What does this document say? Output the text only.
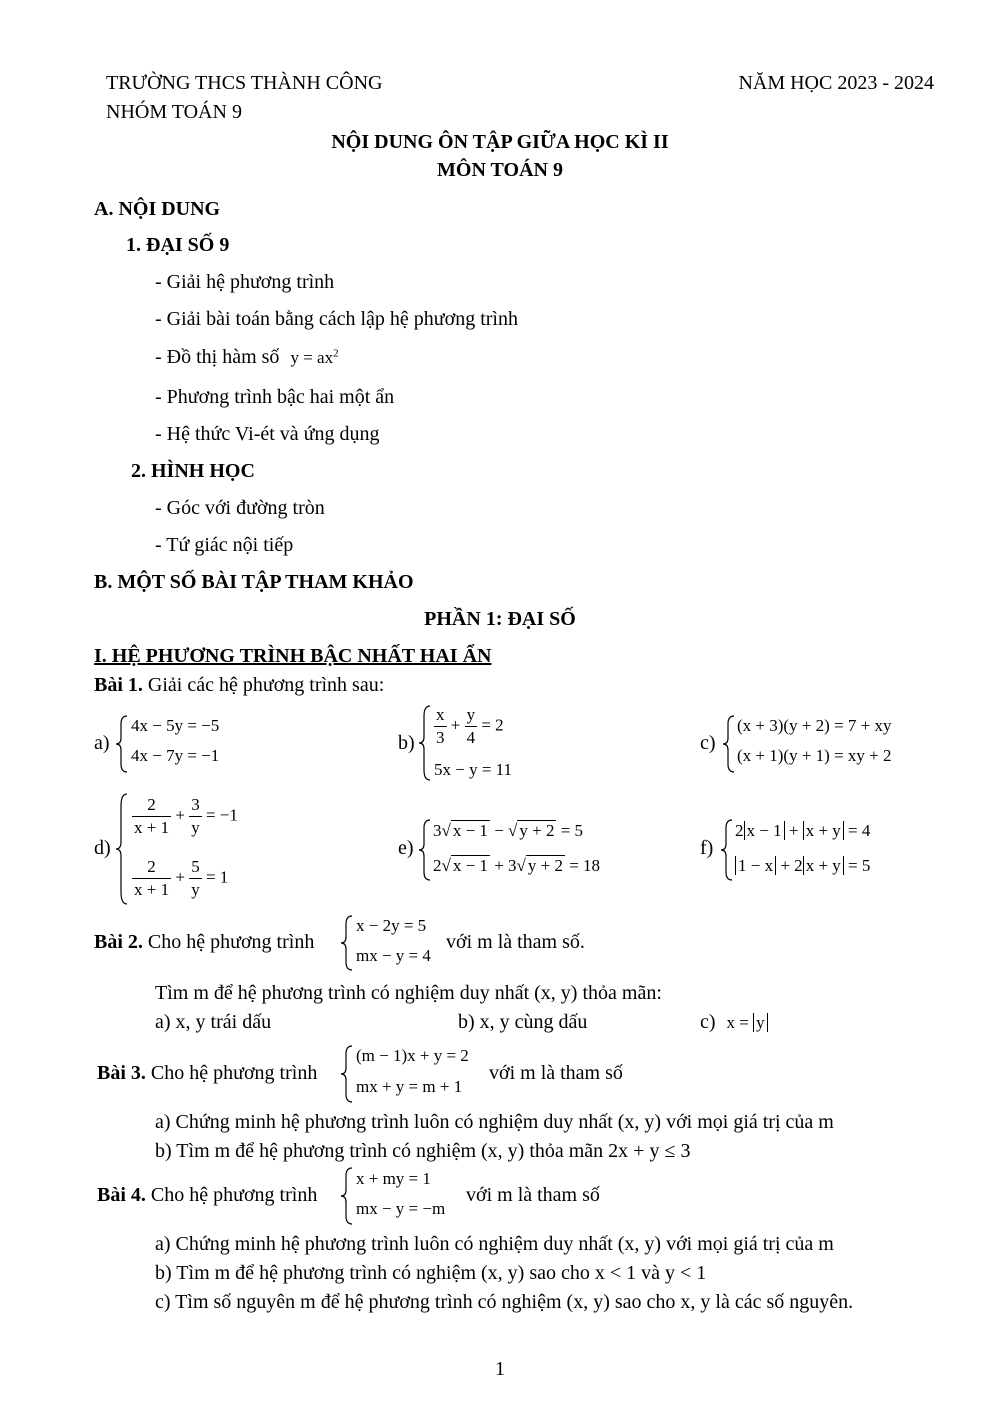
TRƯỜNG THCS THÀNH CÔNG
NHÓM TOÁN 9
NĂM HỌC 2023 - 2024
NỘI DUNG ÔN TẬP GIỮA HỌC KÌ II
MÔN TOÁN 9
A. NỘI DUNG
1. ĐẠI SỐ 9
- Giải hệ phương trình
- Giải bài toán bằng cách lập hệ phương trình
- Đồ thị hàm số $y = ax^2$
- Phương trình bậc hai một ẩn
- Hệ thức Vi-ét và ứng dụng
2. HÌNH HỌC
- Góc với đường tròn
- Tứ giác nội tiếp
B. MỘT SỐ BÀI TẬP THAM KHẢO
PHẦN 1: ĐẠI SỐ
I. HỆ PHƯƠNG TRÌNH BẬC NHẤT HAI ẨN
Bài 1. Giải các hệ phương trình sau:
a)
4x − 5y = −5
4x − 7y = −1
$b) \frac{x}{3} + \frac{y}{4} = 2$
5x − y = 11
c)
(x + 3)(y + 2) = 7 + xy
(x + 1)(y + 1) = xy + 2
d)
$\frac{2}{x + 1} + \frac{3}{y} = -1$
$\frac{2}{x + 1} + \frac{5}{y} = 1$
e)
3√ x − 1 − √ y + 2 = 5
2√ x − 1 + 3√ y + 2 = 18
f)
2 x − 1 + x + y = 4
1 − x + 2 x + y = 5
Bài 2. Cho hệ phương trình
x − 2y = 5
mx − y = 4
với m là tham số.
Tìm m để hệ phương trình có nghiệm duy nhất (x, y) thỏa mãn:
a) x, y trái dấu	b) x, y cùng dấu	c) x = y
Bài 3. Cho hệ phương trình
(m − 1)x + y = 2
mx + y = m + 1
với m là tham số
a) Chứng minh hệ phương trình luôn có nghiệm duy nhất (x, y) với mọi giá trị của m
b) Tìm m để hệ phương trình có nghiệm (x, y) thỏa mãn 2x + y ≤ 3
Bài 4. Cho hệ phương trình
x + my = 1
mx − y = −m
với m là tham số
a) Chứng minh hệ phương trình luôn có nghiệm duy nhất (x, y) với mọi giá trị của m
b) Tìm m để hệ phương trình có nghiệm (x, y) sao cho x < 1 và y < 1
c) Tìm số nguyên m để hệ phương trình có nghiệm (x, y) sao cho x, y là các số nguyên.
1
